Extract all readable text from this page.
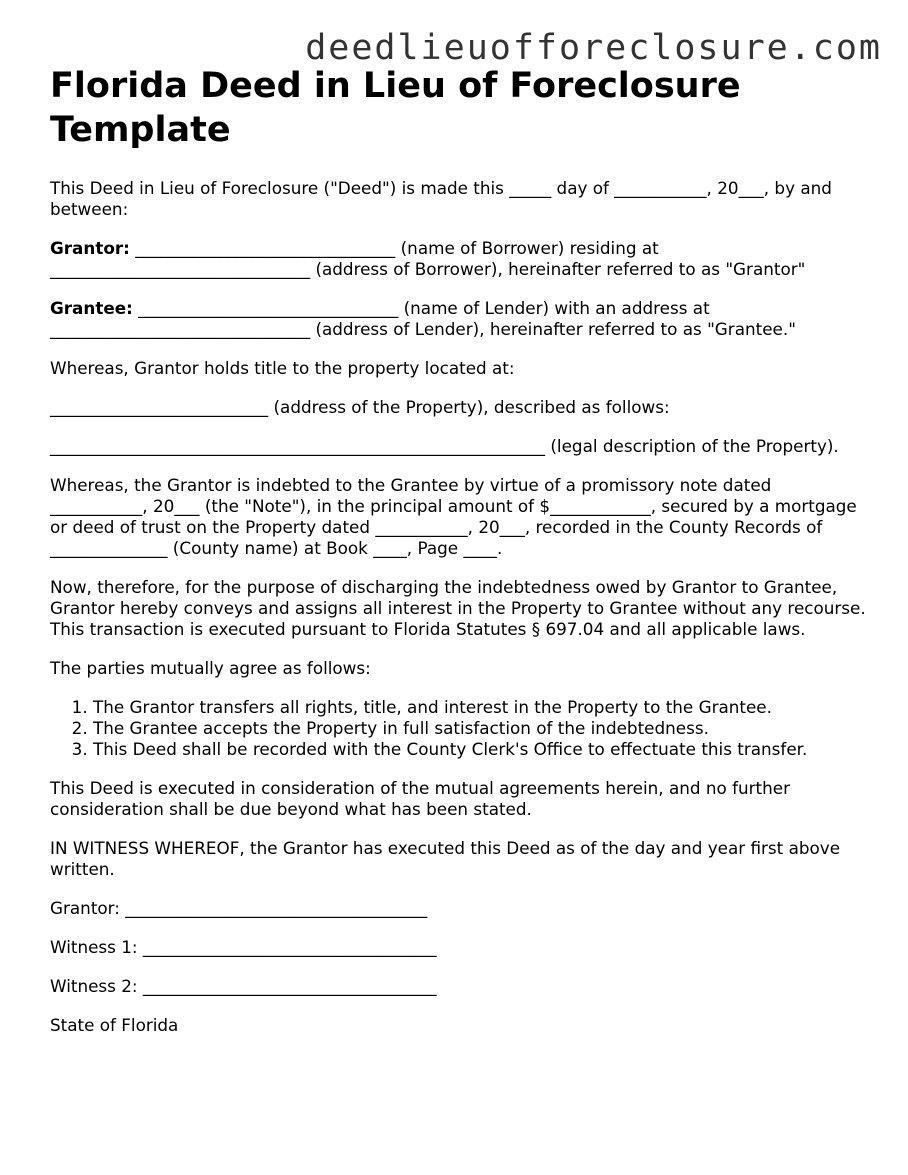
deedlieuofforeclosure.com
Florida Deed in Lieu of Foreclosure Template

This Deed in Lieu of Foreclosure ("Deed") is made this _____ day of ___________, 20___, by and between:

Grantor: _______________________________ (name of Borrower) residing at _______________________________ (address of Borrower), hereinafter referred to as "Grantor"

Grantee: _______________________________ (name of Lender) with an address at _______________________________ (address of Lender), hereinafter referred to as "Grantee."

Whereas, Grantor holds title to the property located at:

__________________________ (address of the Property), described as follows:

___________________________________________________________ (legal description of the Property).

Whereas, the Grantor is indebted to the Grantee by virtue of a promissory note dated ___________, 20___ (the "Note"), in the principal amount of $____________, secured by a mortgage or deed of trust on the Property dated ___________, 20___, recorded in the County Records of ______________ (County name) at Book ____, Page ____.

Now, therefore, for the purpose of discharging the indebtedness owed by Grantor to Grantee, Grantor hereby conveys and assigns all interest in the Property to Grantee without any recourse. This transaction is executed pursuant to Florida Statutes § 697.04 and all applicable laws.

The parties mutually agree as follows:

1. The Grantor transfers all rights, title, and interest in the Property to the Grantee.
2. The Grantee accepts the Property in full satisfaction of the indebtedness.
3. This Deed shall be recorded with the County Clerk's Office to effectuate this transfer.

This Deed is executed in consideration of the mutual agreements herein, and no further consideration shall be due beyond what has been stated.

IN WITNESS WHEREOF, the Grantor has executed this Deed as of the day and year first above written.

Grantor: ____________________________________

Witness 1: ___________________________________

Witness 2: ___________________________________

State of Florida
